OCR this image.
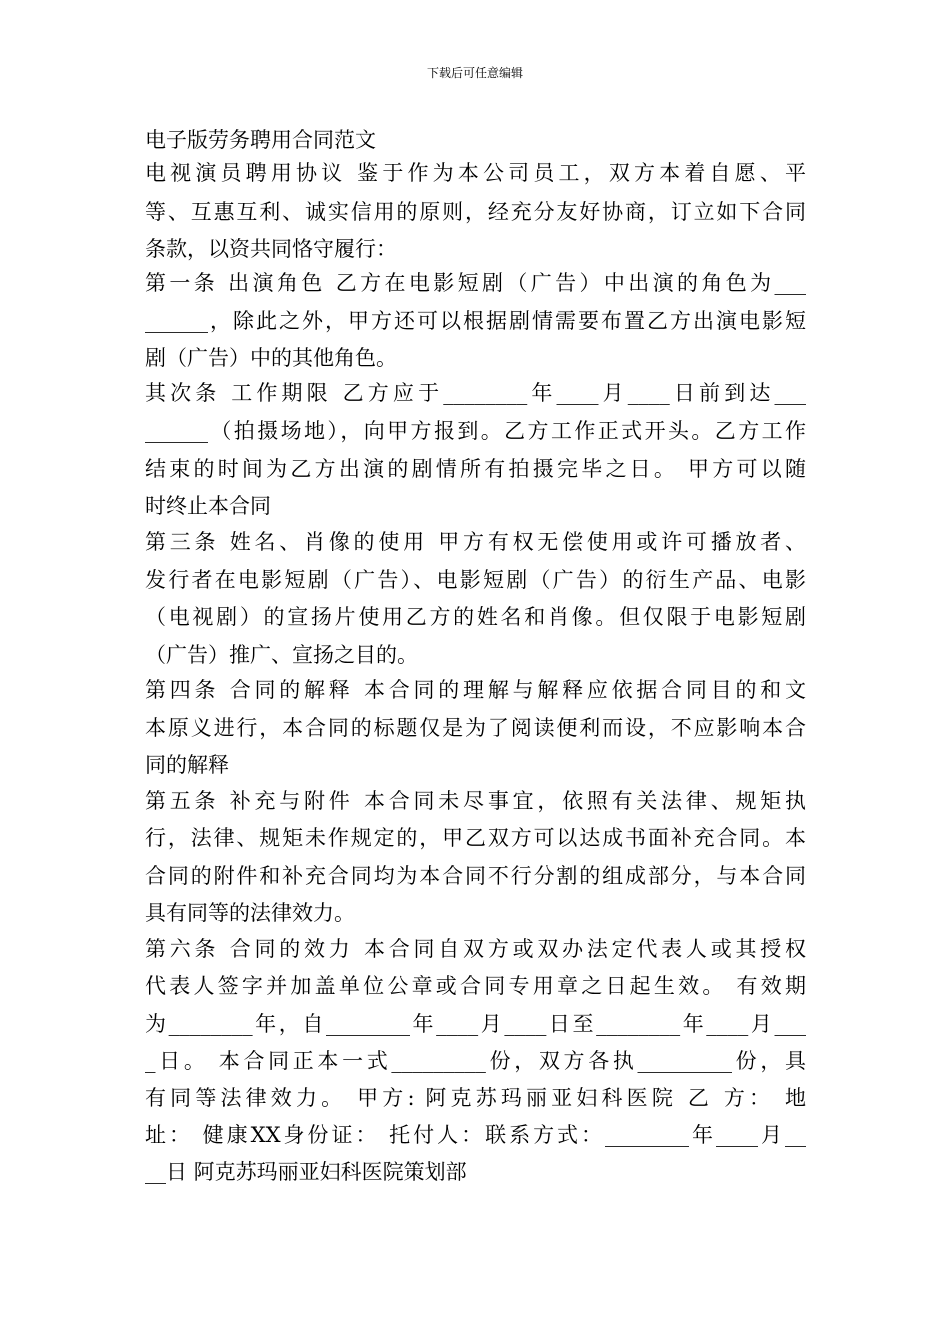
下载后可任意编辑
电子版劳务聘用合同范文
电视演员聘用协议 鉴于作为本公司员工，双方本着自愿、平
等、互惠互利、诚实信用的原则，经充分友好协商，订立如下合同
条款，以资共同恪守履行：
第一条 出演角色 乙方在电影短剧（广告）中出演的角色为___
______，除此之外，甲方还可以根据剧情需要布置乙方出演电影短
剧（广告）中的其他角色。
其次条 工作期限 乙方应于________年____月____日前到达___
______（拍摄场地），向甲方报到。乙方工作正式开头。乙方工作
结束的时间为乙方出演的剧情所有拍摄完毕之日。 甲方可以随
时终止本合同
第三条 姓名、肖像的使用 甲方有权无偿使用或许可播放者、
发行者在电影短剧（广告）、电影短剧（广告）的衍生产品、电影
（电视剧）的宣扬片使用乙方的姓名和肖像。但仅限于电影短剧
（广告）推广、宣扬之目的。
第四条 合同的解释 本合同的理解与解释应依据合同目的和文
本原义进行，本合同的标题仅是为了阅读便利而设，不应影响本合
同的解释
第五条 补充与附件 本合同未尽事宜，依照有关法律、规矩执
行，法律、规矩未作规定的，甲乙双方可以达成书面补充合同。本
合同的附件和补充合同均为本合同不行分割的组成部分，与本合同
具有同等的法律效力。
第六条 合同的效力 本合同自双方或双办法定代表人或其授权
代表人签字并加盖单位公章或合同专用章之日起生效。 有效期
为________年，自________年____月____日至________年____月___
_日。 本合同正本一式_________份，双方各执_________份，具
有同等法律效力。 甲方: 阿克苏玛丽亚妇科医院 乙 方： 地
址： 健康XX身份证： 托付人：联系方式：________年____月__
__日 阿克苏玛丽亚妇科医院策划部
